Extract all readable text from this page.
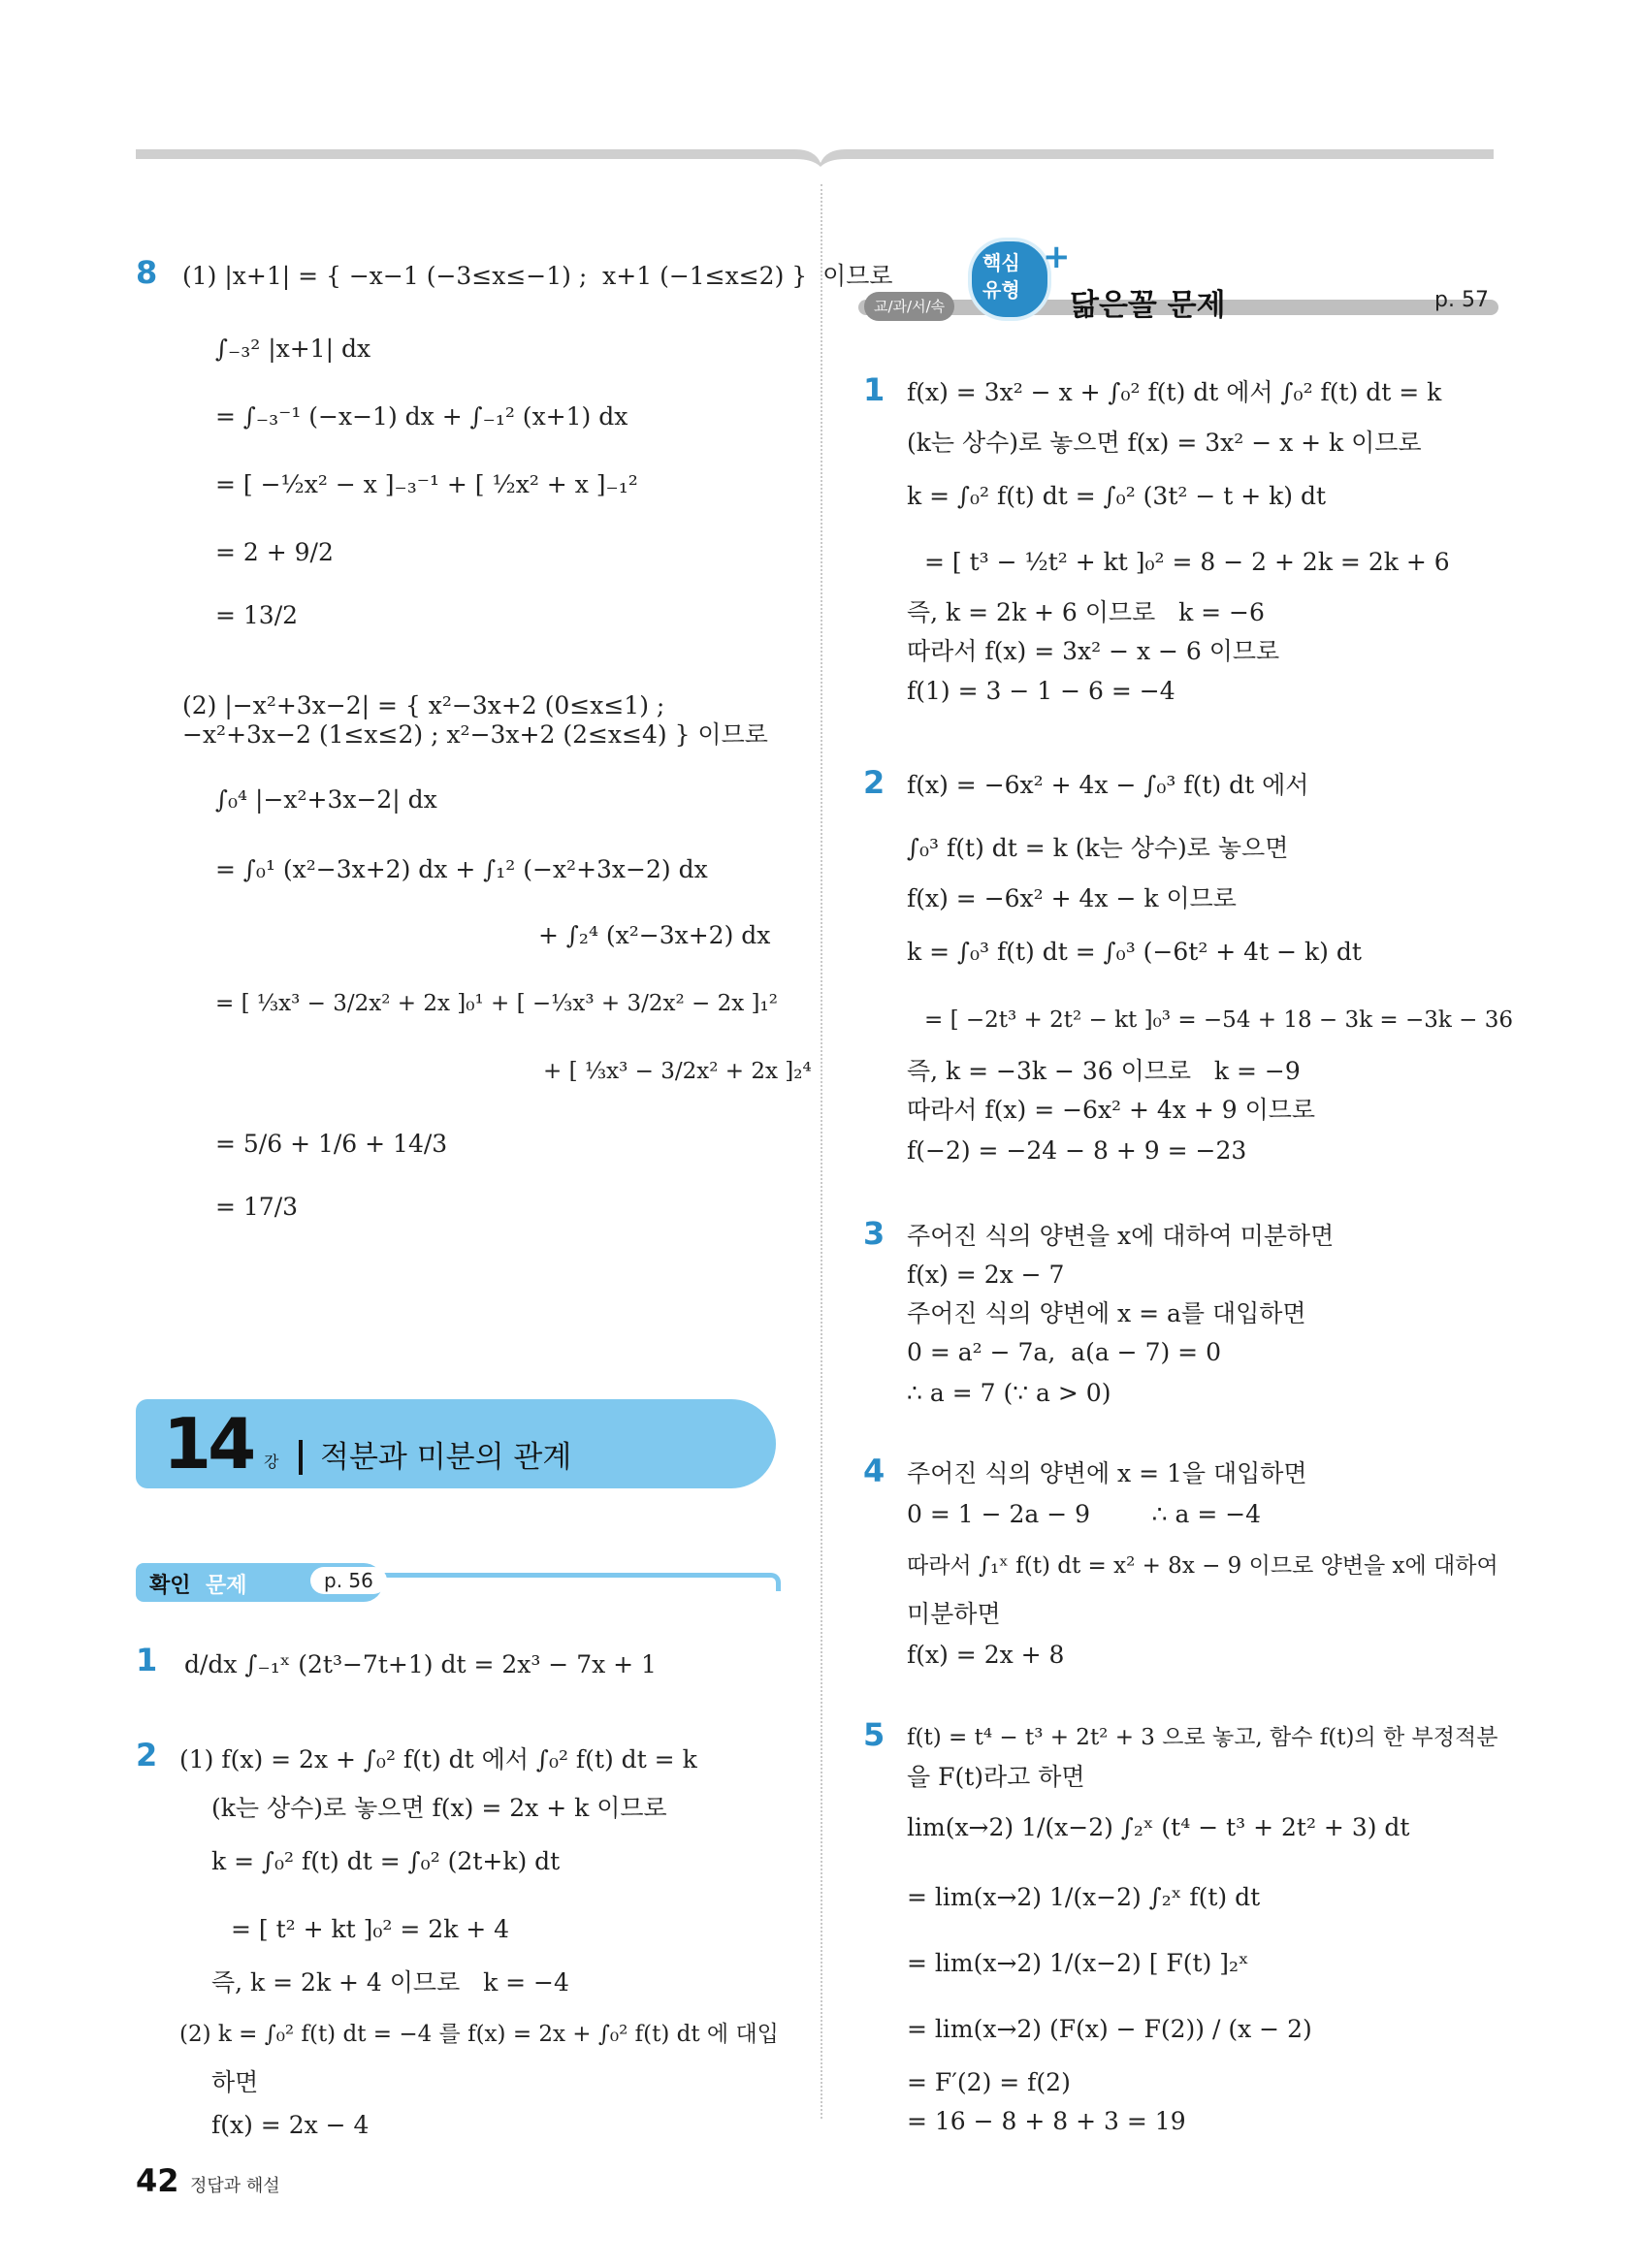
8 (1) |x+1| = { −x−1 (−3≤x≤−1) ;  x+1 (−1≤x≤2) }  이므로
∫₋₃² |x+1| dx
= ∫₋₃⁻¹ (−x−1) dx + ∫₋₁² (x+1) dx
= [ −½x² − x ]₋₃⁻¹ + [ ½x² + x ]₋₁²
= 2 + 9/2
= 13/2
(2) |−x²+3x−2| = { x²−3x+2 (0≤x≤1) ; −x²+3x−2 (1≤x≤2) ; x²−3x+2 (2≤x≤4) } 이므로
∫₀⁴ |−x²+3x−2| dx
= ∫₀¹ (x²−3x+2) dx + ∫₁² (−x²+3x−2) dx
+ ∫₂⁴ (x²−3x+2) dx
= [ ⅓x³ − 3/2x² + 2x ]₀¹ + [ −⅓x³ + 3/2x² − 2x ]₁²
+ [ ⅓x³ − 3/2x² + 2x ]₂⁴
= 5/6 + 1/6 + 14/3
= 17/3
14 강 적분과 미분의 관계
확인 문제	p. 56
1 d/dx ∫₋₁ˣ (2t³−7t+1) dt = 2x³ − 7x + 1
2 (1) f(x) = 2x + ∫₀² f(t) dt 에서 ∫₀² f(t) dt = k
(k는 상수)로 놓으면 f(x) = 2x + k 이므로
k = ∫₀² f(t) dt = ∫₀² (2t+k) dt
= [ t² + kt ]₀² = 2k + 4
즉, k = 2k + 4 이므로   k = −4
(2) k = ∫₀² f(t) dt = −4 를 f(x) = 2x + ∫₀² f(t) dt 에 대입
하면
f(x) = 2x − 4
교/과/서/속
핵심
유형
+
닮은꼴 문제	p. 57
1 f(x) = 3x² − x + ∫₀² f(t) dt 에서 ∫₀² f(t) dt = k
(k는 상수)로 놓으면 f(x) = 3x² − x + k 이므로
k = ∫₀² f(t) dt = ∫₀² (3t² − t + k) dt
= [ t³ − ½t² + kt ]₀² = 8 − 2 + 2k = 2k + 6
즉, k = 2k + 6 이므로   k = −6
따라서 f(x) = 3x² − x − 6 이므로
f(1) = 3 − 1 − 6 = −4
2 f(x) = −6x² + 4x − ∫₀³ f(t) dt 에서
∫₀³ f(t) dt = k (k는 상수)로 놓으면
f(x) = −6x² + 4x − k 이므로
k = ∫₀³ f(t) dt = ∫₀³ (−6t² + 4t − k) dt
= [ −2t³ + 2t² − kt ]₀³ = −54 + 18 − 3k = −3k − 36
즉, k = −3k − 36 이므로   k = −9
따라서 f(x) = −6x² + 4x + 9 이므로
f(−2) = −24 − 8 + 9 = −23
3 주어진 식의 양변을 x에 대하여 미분하면
f(x) = 2x − 7
주어진 식의 양변에 x = a를 대입하면
0 = a² − 7a,  a(a − 7) = 0
∴ a = 7 (∵ a > 0)
4 주어진 식의 양변에 x = 1을 대입하면
0 = 1 − 2a − 9        ∴ a = −4
따라서 ∫₁ˣ f(t) dt = x² + 8x − 9 이므로 양변을 x에 대하여
미분하면
f(x) = 2x + 8
5 f(t) = t⁴ − t³ + 2t² + 3 으로 놓고, 함수 f(t)의 한 부정적분
을 F(t)라고 하면
lim(x→2) 1/(x−2) ∫₂ˣ (t⁴ − t³ + 2t² + 3) dt
= lim(x→2) 1/(x−2) ∫₂ˣ f(t) dt
= lim(x→2) 1/(x−2) [ F(t) ]₂ˣ
= lim(x→2) (F(x) − F(2)) / (x − 2)
= F′(2) = f(2)
= 16 − 8 + 8 + 3 = 19
42 정답과 해설
